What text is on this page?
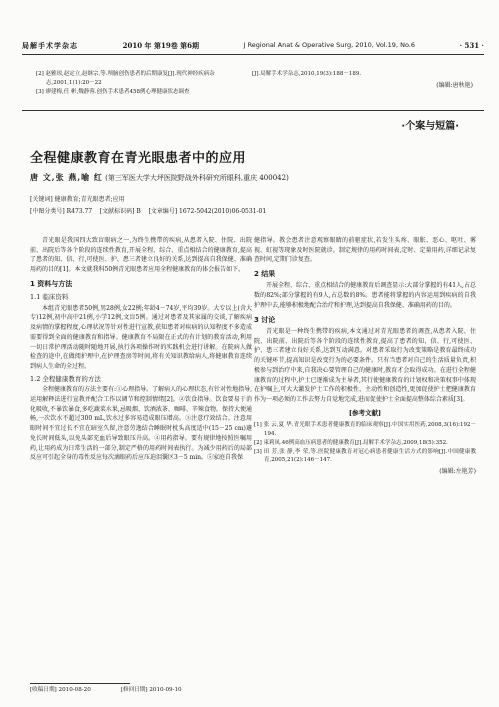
局解手术学杂志	2010 年 第19卷 第6期	J Regional Anat & Operative Surg, 2010, Vol.19, No.6	· 531 ·
[2] 赵雅琼,赵定立,赵继宗,等.颅脑创伤患者的后期康复[J].现代神经疾病杂志,2001,1(1):20－22
[3] 廖建梅,任 彬,魏静蓉.创伤手术患者458例心理健康状态调查
[J].局解手术学杂志,2010,19(3):188－189.
(编辑:唐秋艳)
·个案与短篇·
全程健康教育在青光眼患者中的应用
唐 文,张 燕,喻 红 (第三军医大学大坪医院野战外科研究所眼科,重庆 400042)
[关键词] 健康教育;青光眼患者;应用
[中图分类号] R473.77 [文献标识码] B [文章编号] 1672-5042(2010)06-0531-01

青光眼是我国四大致盲眼病之一,为终生携带的疾病,从患者入院、住院、出院前、出院后等各个阶段的连续性教育,开展全程、综合、重点相结合的健康教育,提高了患者的知、信、行,可使医、护、患三者建立良好的关系,达到提高自我保健、准确用药的目的[1]。本文就我科50例青光眼患者应用全程健康教育的体会报告如下。

1 资料与方法

1.1 临床资料

本组青光眼患者50例,男28例,女22例;年龄4－74岁,平均39岁。大专以上(含大专)12例,初中高中21例,小学12例,文盲5例。通过对患者及其家属的交谈,了解疾病及病情的掌握程度,心理状况等针对性进行宣教,获知患者对疾病的认知程度不多造成需要得到全面的健康教育和指导。健康教育不局限在正式的有计划的教育活动,利用一切日常护理活动随时随地开展,执行各项操作时的实践机会进行讲解。在院病人做检查的途中,在做阅护理中,在护理查房等时间,将有关知识教给病人,将健康教育连续到病人生命的全过程。

1.2 全程健康教育的方法

全程健康教育的方法主要有:①心理指导。了解病人的心理状态,有针对性地指导,运用解释法进行宣教并配合工作以调节和控制情绪[2]。②饮食指导。饮食要易于消化吸收,不暴饮暴食,多吃蔬菜水果,忌吸烟、饮酒浓茶、咖啡、辛辣食物。保持大便通畅,一次饮水不超过300 mL,饮水过多容易造成眼压增高。③注意疗效结合。注意用眼时间不宜过长不宜在暗室久留,注意劳逸结合睡眠时枕头高度适中(15－25 cm)避免长时间低头,以免头部充血后导致眼压升高。④用药指导。要有规律地按照医嘱用药,让用药成为日常生活的一部分,制定严格的用药时间表执行。为减少用药后的局部反应可引起全身的毒性反应每次滴眼药后应压迫泪囊区3－5 min。⑤家庭自我保

健指导。教会患者注意观察眼睛的前驱症状,若发生头疼、眼胀、恶心、呕吐、雾视、虹视等现象及时医院就诊。制定规律的用药时间表,定时、定量用药,详细记录复查时间,定期门诊复查。

2 结果

开展全程、综合、重点相结合的健康教育后调查显示:大部分掌握的有41人,占总数的82%;部分掌握的有9人,占总数的8%。患者能将掌握的内容运用到疾病的自我护理中去,能够积极地配合治疗和护理,达到提高自我保健、准确用药的目的。

3 讨论

青光眼是一种终生携带的疾病,本文通过对青光眼患者的调查,从患者入院、住院、出院前、出院后等各个阶段的连续性教育,提高了患者的知、信、行,可使医、护、患三者建立良好关系,达到互动满意。对患者采取行为改变策略是教育最终成功的关键环节,提高知识是改变行为的必要条件。只有当患者对自己的生活质量负责,积极参与到治疗中来,自我决心要管理自己的健康时,教育才会取得成功。在进行全程健康教育的过程中,护士已逐渐成为主导者,其行使健康教育的计划权和决策权事中体现在护嘱上,可大大激发护士工作的积极性、主动性和创造性,更加促使护士把健康教育作为一项必须的工作去努力自觉地完成,进而促使护士全面提高整体综合素质[3]。

[参考文献]
[1] 张 云,夏 华.青光眼手术患者健康教育的临床观察[J].中国实用医药,2008,3(16):192－194.
[2] 束莉凤.46例高血压病患者的健康教育[J].局解手术学杂志,2009,18(5):352.
[3] 田 芳,张 静,李 荣,等.医院健康教育对冠心病患者健康生活方式的影响[J].中国健康教育,2005,21(2):146－147.
(编辑:左艳芳)
[收稿日期] 2010-08-20	[修回日期] 2010-09-10
